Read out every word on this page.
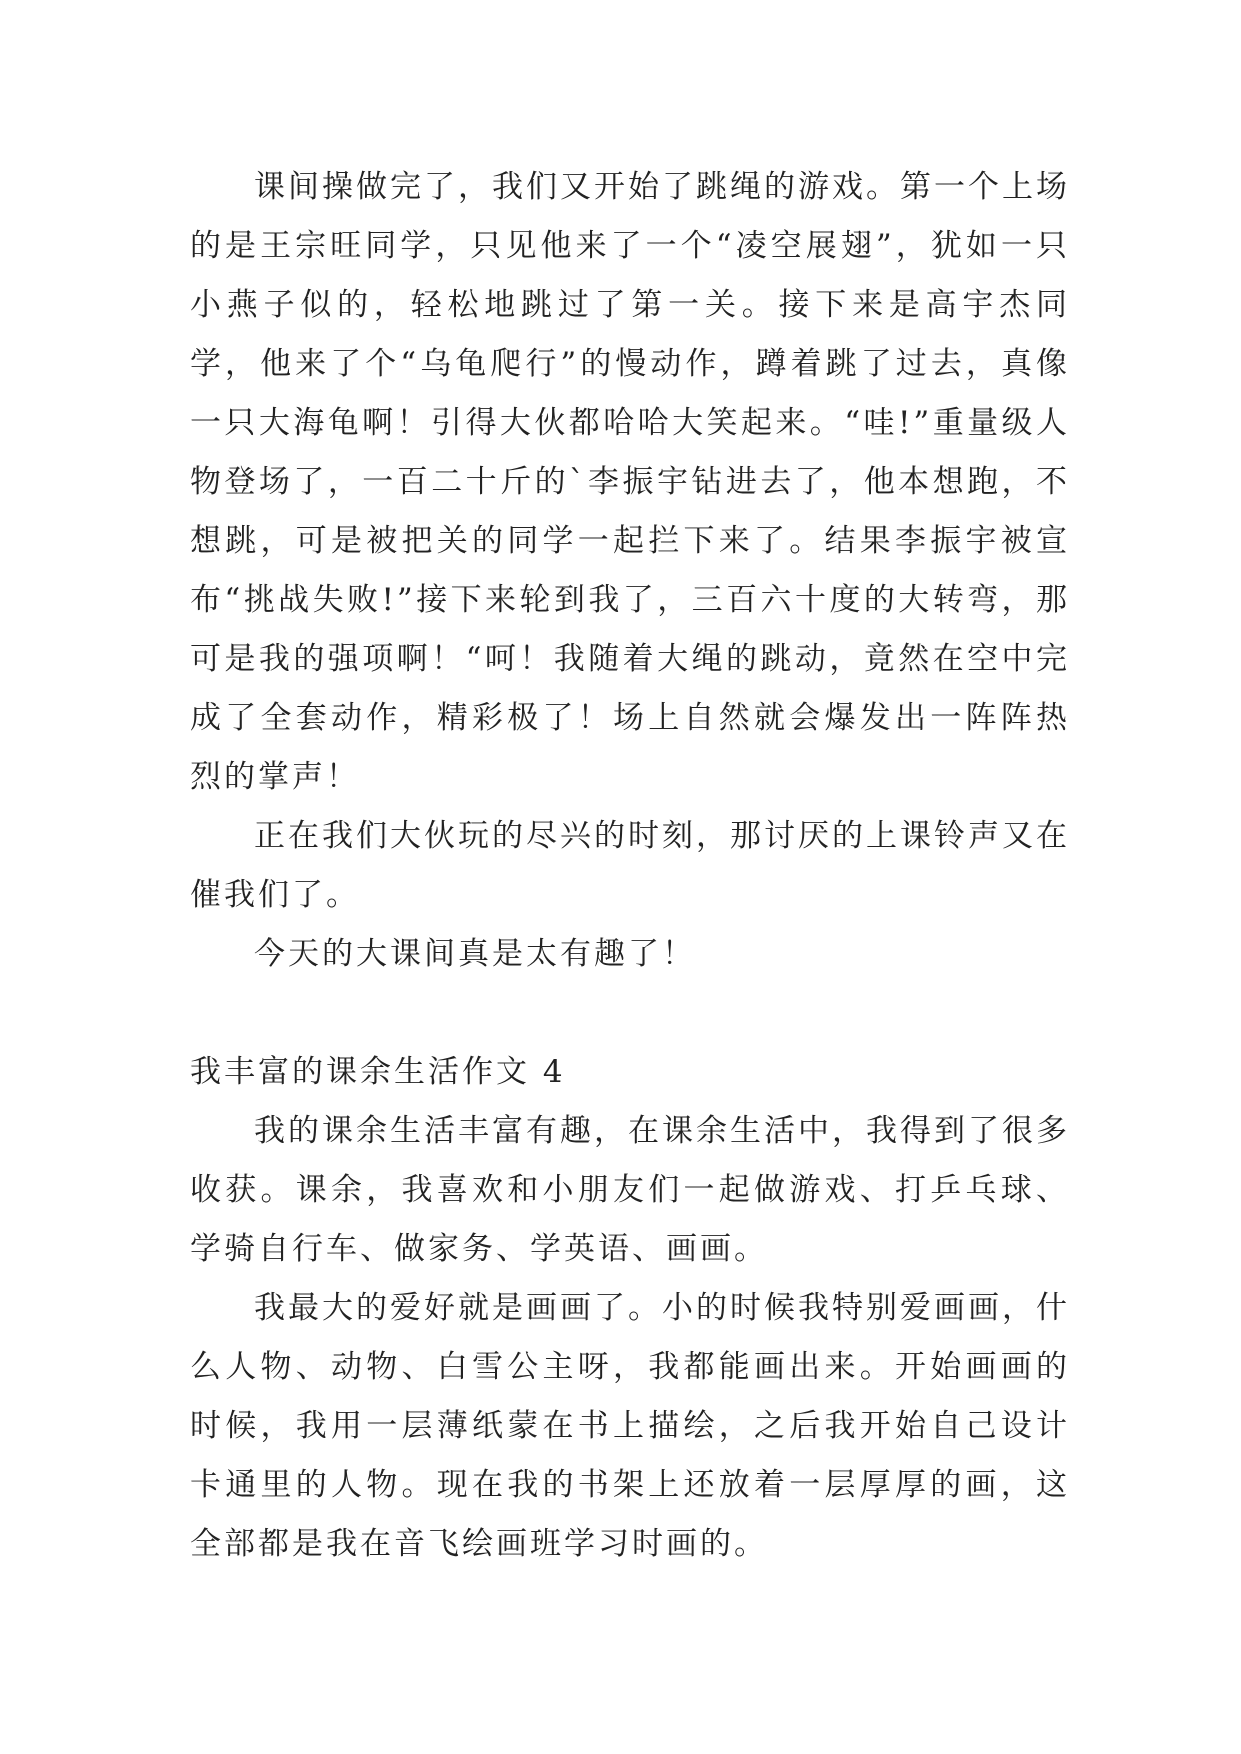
课间操做完了，我们又开始了跳绳的游戏。第一个上场的是王宗旺同学，只见他来了一个“凌空展翅”，犹如一只小燕子似的，轻松地跳过了第一关。接下来是高宇杰同学，他来了个“乌龟爬行”的慢动作，蹲着跳了过去，真像一只大海龟啊！引得大伙都哈哈大笑起来。“哇!”重量级人物登场了，一百二十斤的`李振宇钻进去了，他本想跑，不想跳，可是被把关的同学一起拦下来了。结果李振宇被宣布“挑战失败!”接下来轮到我了，三百六十度的大转弯，那可是我的强项啊！“呵！我随着大绳的跳动，竟然在空中完成了全套动作，精彩极了！场上自然就会爆发出一阵阵热烈的掌声！

正在我们大伙玩的尽兴的时刻，那讨厌的上课铃声又在催我们了。

今天的大课间真是太有趣了！

我丰富的课余生活作文 4

我的课余生活丰富有趣，在课余生活中，我得到了很多收获。课余，我喜欢和小朋友们一起做游戏、打乒乓球、学骑自行车、做家务、学英语、画画。

我最大的爱好就是画画了。小的时候我特别爱画画，什么人物、动物、白雪公主呀，我都能画出来。开始画画的时候，我用一层薄纸蒙在书上描绘，之后我开始自己设计卡通里的人物。现在我的书架上还放着一层厚厚的画，这全部都是我在音飞绘画班学习时画的。
